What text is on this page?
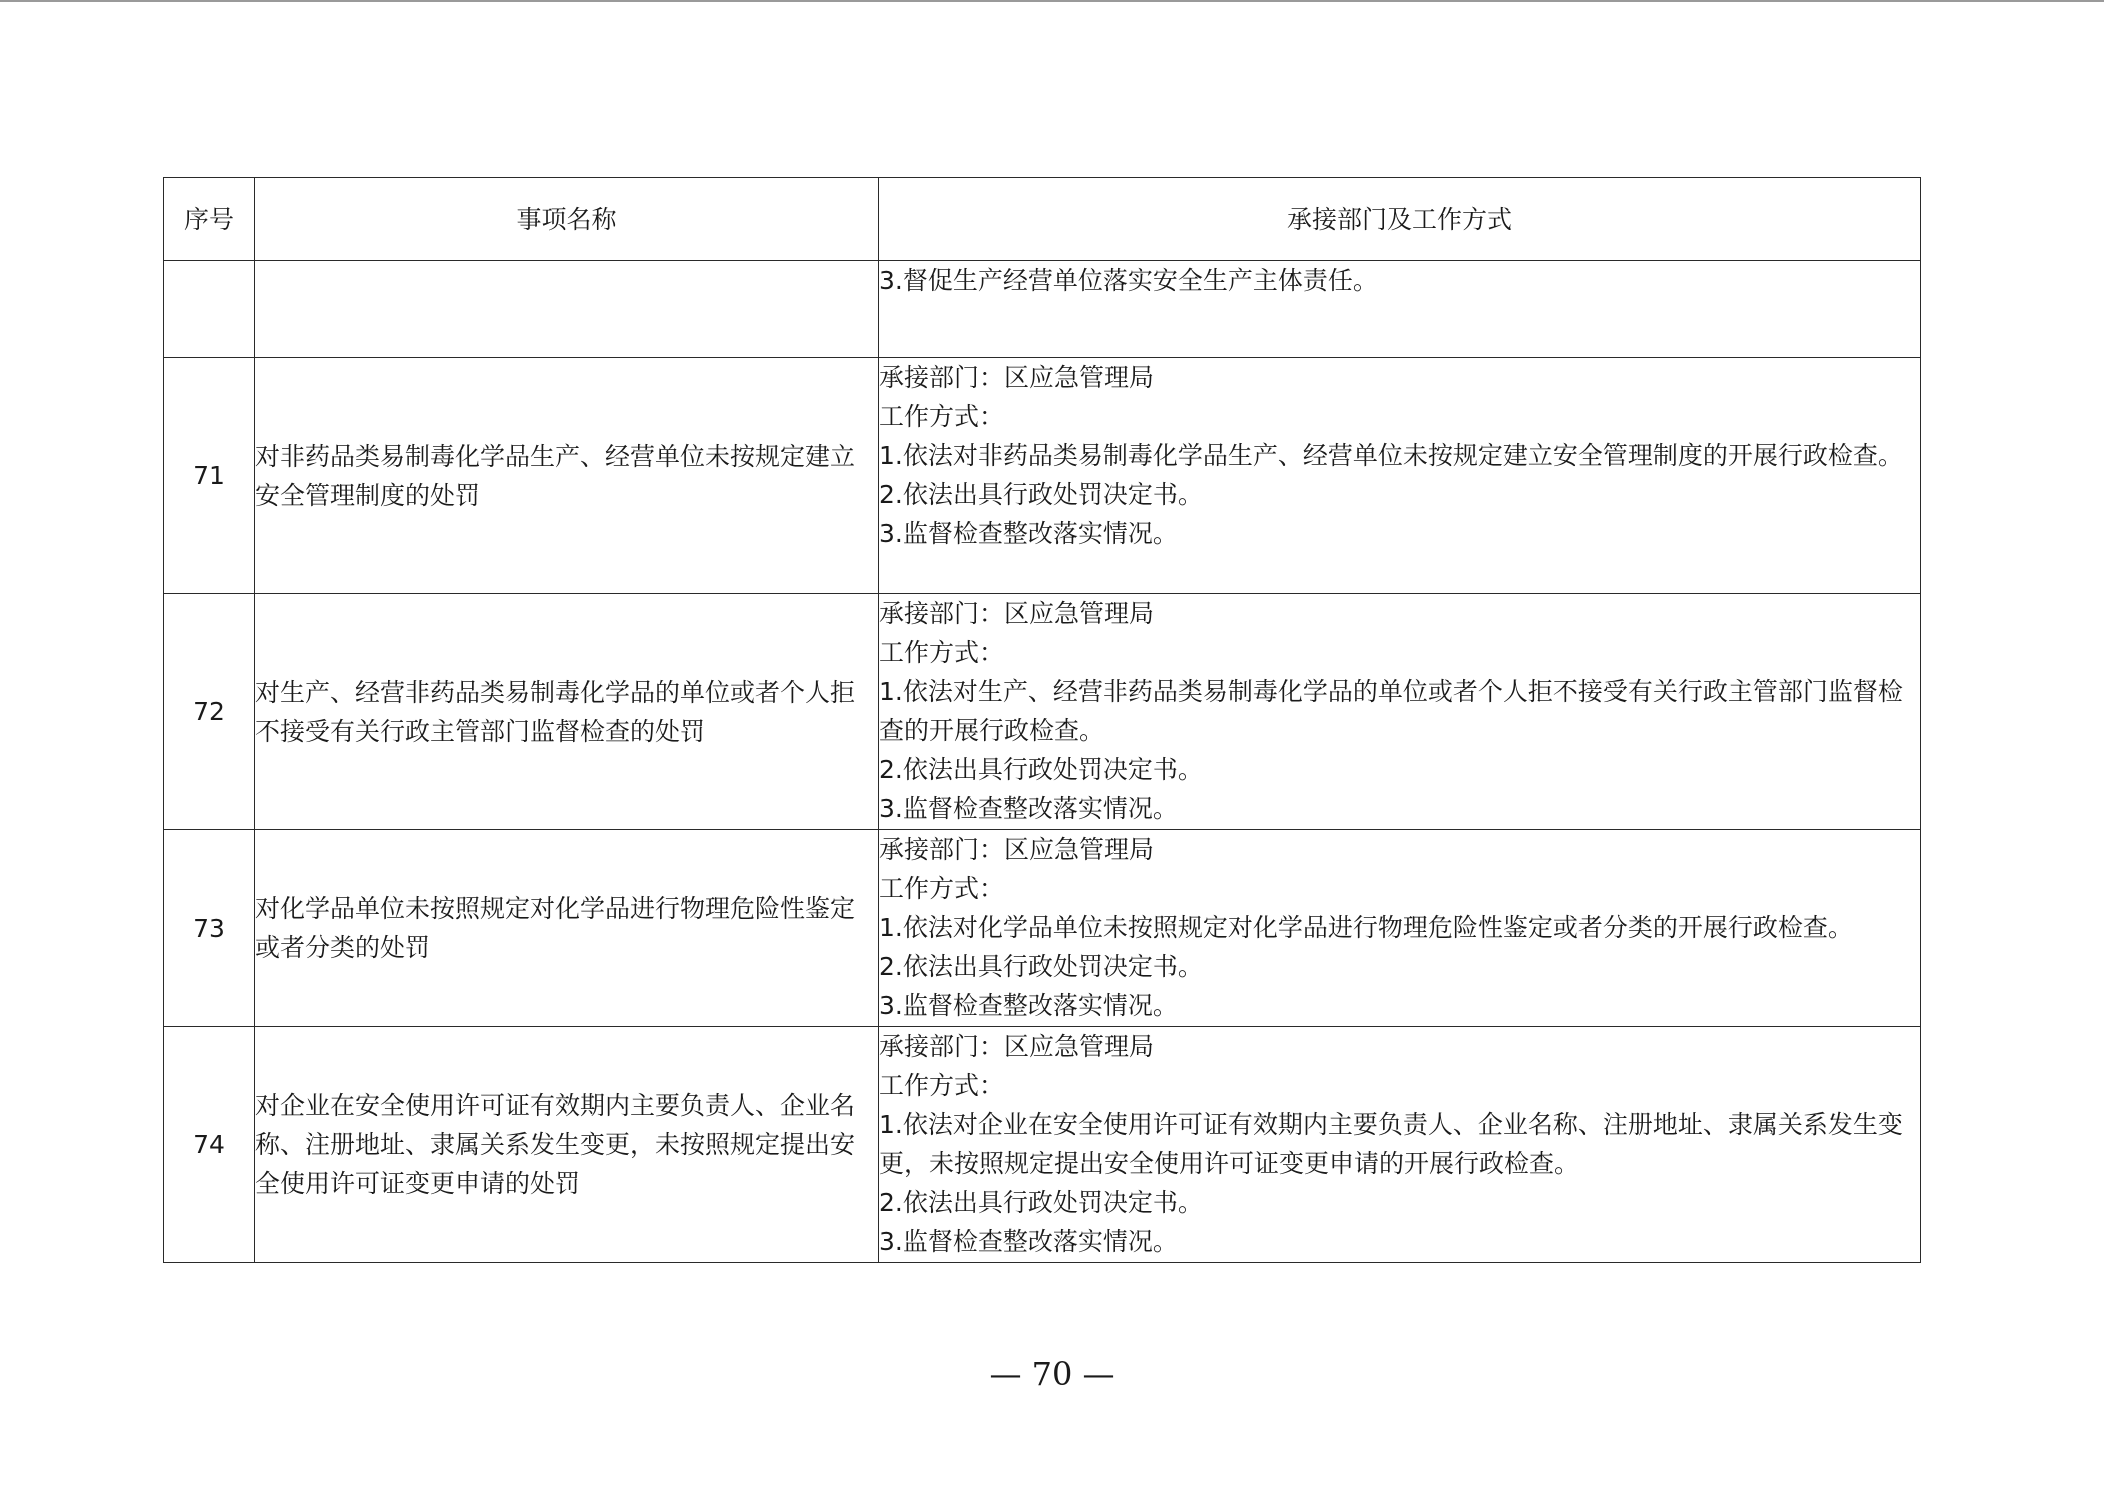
序号	事项名称	承接部门及工作方式

		3.督促生产经营单位落实安全生产主体责任。

71	对非药品类易制毒化学品生产、经营单位未按规定建立安全管理制度的处罚	承接部门：区应急管理局

工作方式：

1.依法对非药品类易制毒化学品生产、经营单位未按规定建立安全管理制度的开展行政检查。

2.依法出具行政处罚决定书。

3.监督检查整改落实情况。

72	对生产、经营非药品类易制毒化学品的单位或者个人拒不接受有关行政主管部门监督检查的处罚	承接部门：区应急管理局

工作方式：

1.依法对生产、经营非药品类易制毒化学品的单位或者个人拒不接受有关行政主管部门监督检查的开展行政检查。

2.依法出具行政处罚决定书。

3.监督检查整改落实情况。

73	对化学品单位未按照规定对化学品进行物理危险性鉴定或者分类的处罚	承接部门：区应急管理局

工作方式：

1.依法对化学品单位未按照规定对化学品进行物理危险性鉴定或者分类的开展行政检查。

2.依法出具行政处罚决定书。

3.监督检查整改落实情况。

74	对企业在安全使用许可证有效期内主要负责人、企业名称、注册地址、隶属关系发生变更，未按照规定提出安全使用许可证变更申请的处罚	承接部门：区应急管理局

工作方式：

1.依法对企业在安全使用许可证有效期内主要负责人、企业名称、注册地址、隶属关系发生变更，未按照规定提出安全使用许可证变更申请的开展行政检查。

2.依法出具行政处罚决定书。

3.监督检查整改落实情况。

— 70 —
